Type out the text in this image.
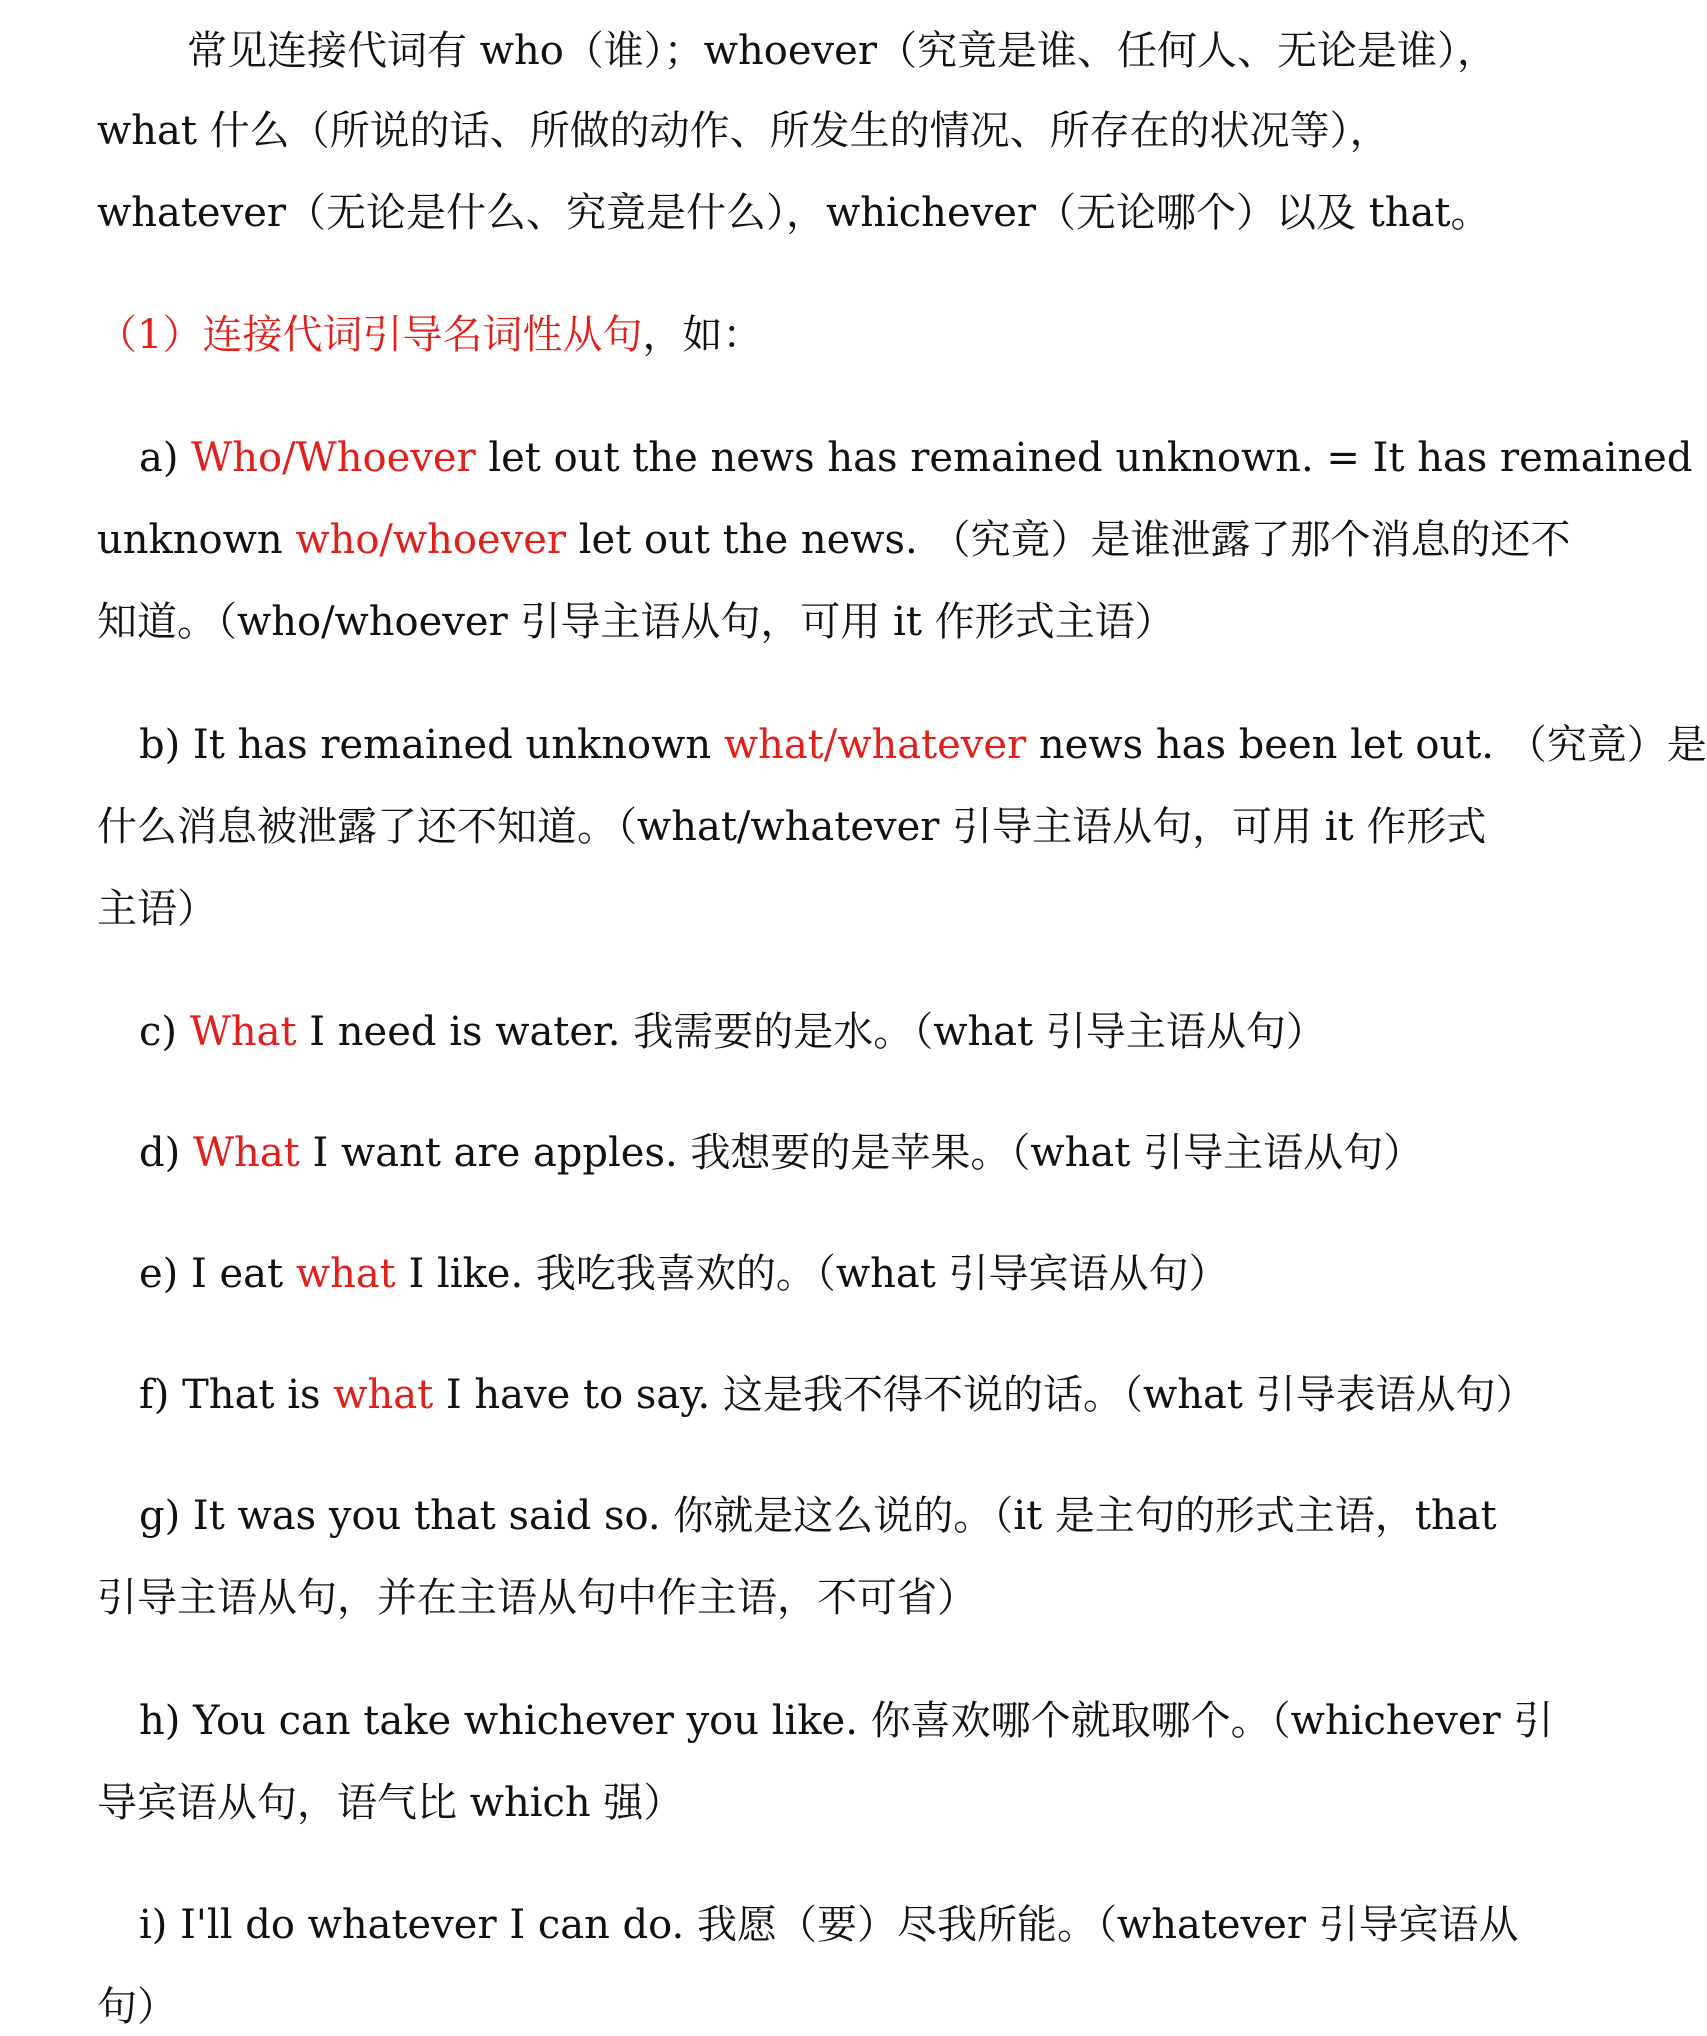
常见连接代词有 who（谁）；whoever（究竟是谁、任何人、无论是谁），
what 什么（所说的话、所做的动作、所发生的情况、所存在的状况等），
whatever（无论是什么、究竟是什么），whichever（无论哪个）以及 that。
（1）连接代词引导名词性从句，如：
a) Who/Whoever let out the news has remained unknown. = It has remained
unknown who/whoever let out the news. （究竟）是谁泄露了那个消息的还不
知道。（who/whoever 引导主语从句，可用 it 作形式主语）
b) It has remained unknown what/whatever news has been let out. （究竟）是
什么消息被泄露了还不知道。（what/whatever 引导主语从句，可用 it 作形式
主语）
c) What I need is water. 我需要的是水。（what 引导主语从句）
d) What I want are apples. 我想要的是苹果。（what 引导主语从句）
e) I eat what I like. 我吃我喜欢的。（what 引导宾语从句）
f) That is what I have to say. 这是我不得不说的话。（what 引导表语从句）
g) It was you that said so. 你就是这么说的。（it 是主句的形式主语，that
引导主语从句，并在主语从句中作主语，不可省）
h) You can take whichever you like. 你喜欢哪个就取哪个。（whichever 引
导宾语从句，语气比 which 强）
i) I'll do whatever I can do. 我愿（要）尽我所能。（whatever 引导宾语从
句）
